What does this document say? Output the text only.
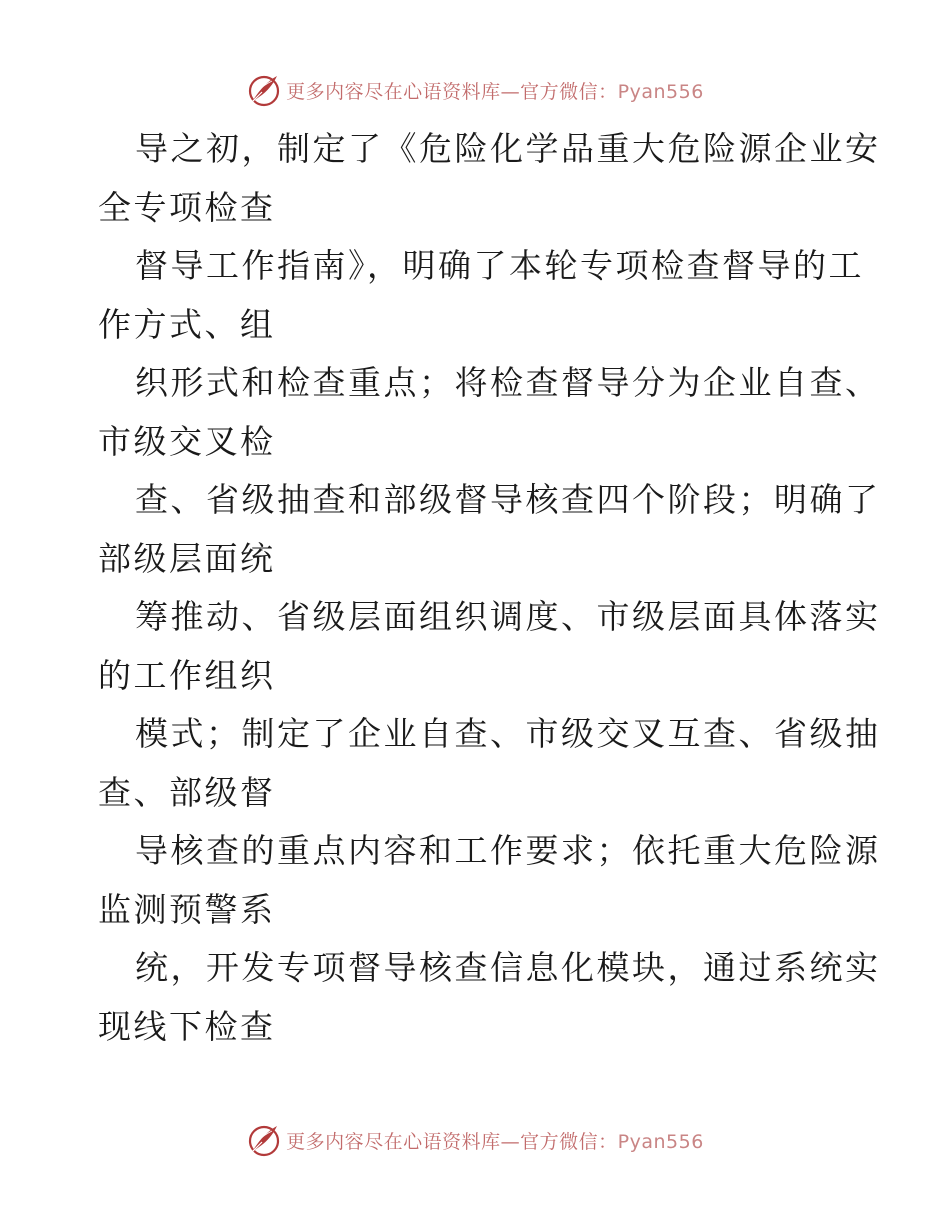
更多内容尽在心语资料库—官方微信：Pyan556
导之初，制定了《危险化学品重大危险源企业安
全专项检查
督导工作指南》，明确了本轮专项检查督导的工
作方式、组
织形式和检查重点；将检查督导分为企业自查、
市级交叉检
查、省级抽查和部级督导核查四个阶段；明确了
部级层面统
筹推动、省级层面组织调度、市级层面具体落实
的工作组织
模式；制定了企业自查、市级交叉互查、省级抽
查、部级督
导核查的重点内容和工作要求；依托重大危险源
监测预警系
统，开发专项督导核查信息化模块，通过系统实
现线下检查
更多内容尽在心语资料库—官方微信：Pyan556
